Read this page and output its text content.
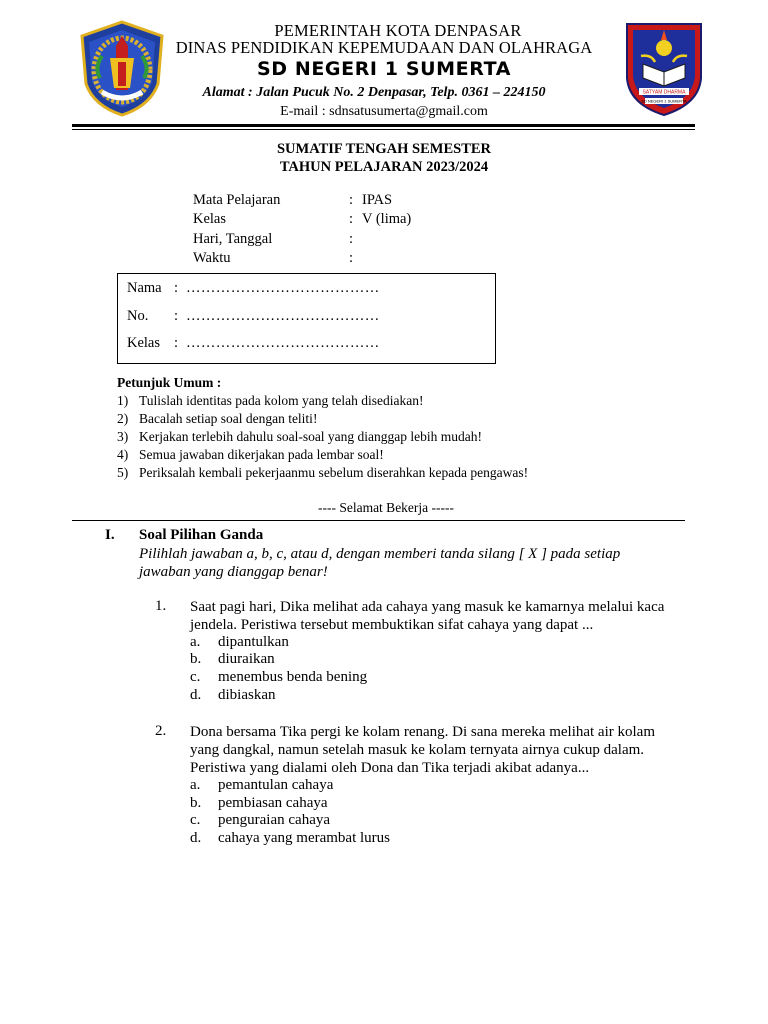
PEMERINTAH KOTA DENPASAR
DINAS PENDIDIKAN KEPEMUDAAN DAN OLAHRAGA
SD NEGERI 1 SUMERTA
Alamat : Jalan Pucuk No. 2 Denpasar, Telp. 0361 – 224150
E-mail : sdnsatusumerta@gmail.com
SATYAM DHARMA
SD NEGERI 1 SUMERTA
SUMATIF TENGAH SEMESTER
TAHUN PELAJARAN 2023/2024
Mata Pelajaran	: IPAS
Kelas	: V (lima)
Hari, Tanggal	:
Waktu	:
Nama : …………………………………
No. : …………………………………
Kelas : …………………………………
Petunjuk Umum :
1) Tulislah identitas pada kolom yang telah disediakan!
2) Bacalah setiap soal dengan teliti!
3) Kerjakan terlebih dahulu soal-soal yang dianggap lebih mudah!
4) Semua jawaban dikerjakan pada lembar soal!
5) Periksalah kembali pekerjaanmu sebelum diserahkan kepada pengawas!
---- Selamat Bekerja -----
I. Soal Pilihan Ganda
Pilihlah jawaban a, b, c, atau d, dengan memberi tanda silang [ X ] pada setiap jawaban yang dianggap benar!
1. Saat pagi hari, Dika melihat ada cahaya yang masuk ke kamarnya melalui kaca jendela. Peristiwa tersebut membuktikan sifat cahaya yang dapat ...
a. dipantulkan
b. diuraikan
c. menembus benda bening
d. dibiaskan
2. Dona bersama Tika pergi ke kolam renang. Di sana mereka melihat air kolam yang dangkal, namun setelah masuk ke kolam ternyata airnya cukup dalam. Peristiwa yang dialami oleh Dona dan Tika terjadi akibat adanya...
a. pemantulan cahaya
b. pembiasan cahaya
c. penguraian cahaya
d. cahaya yang merambat lurus
